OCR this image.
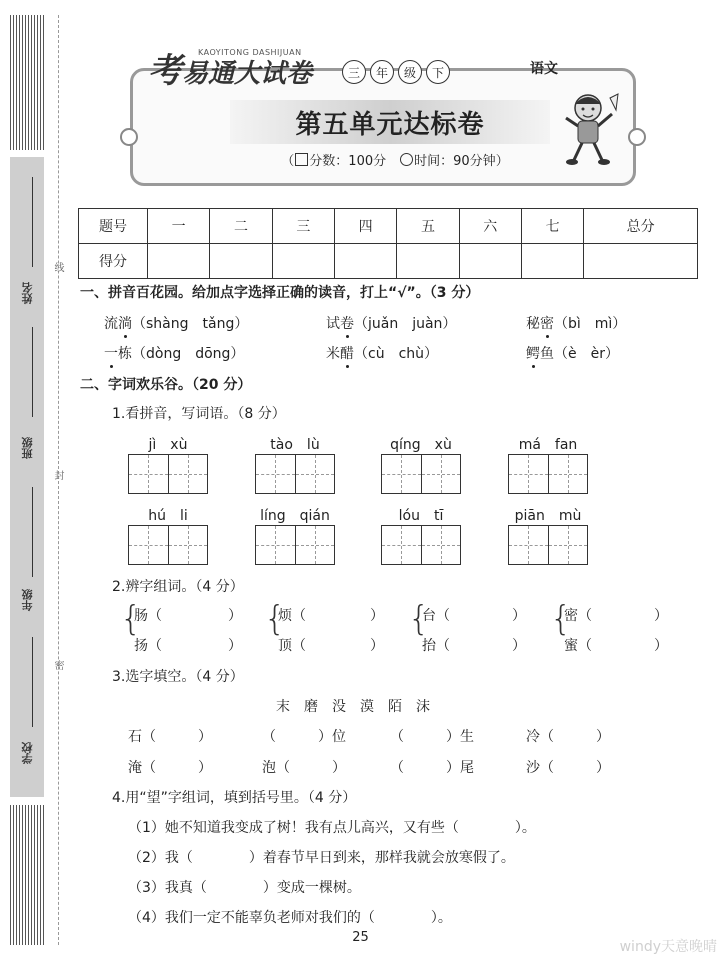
姓名
班级
年级
学校
线
封
密
考易通大试卷
KAOYITONG DASHIJUAN
三	年	级	下	语文
第五单元达标卷
（ 分数：100分　 时间：90分钟）
题号	一	二	三	四	五	六	七	总分
得分								
一、拼音百花园。给加点字选择正确的读音，打上“√”。（3 分）
流淌（shàng　tǎng）	试卷（juǎn　juàn）	秘密（bì　mì）
一栋（dòng　dōng）	米醋（cù　chù）	鳄鱼（è　èr）
二、字词欢乐谷。（20 分）
1.看拼音，写词语。（8 分）
jì　xù	tào　lù	qíng　xù	má　fan
hú　li	líng　qián	lóu　tī	piān　mù
2.辨字组词。（4 分）
{
肠（	）
扬（	）
{
烦（	）
顶（	）
{
台（	）
抬（	）
{
密（	）
蜜（	）
3.选字填空。（4 分）
末　磨　没　漠　陌　沫
石（　　　）	（　　　）位	（　　　）生	冷（　　　）
淹（　　　）	泡（　　　）	（　　　）尾	沙（　　　）
4.用“望”字组词，填到括号里。（4 分）
（1）她不知道我变成了树！我有点儿高兴，又有些（　　　　）。
（2）我（　　　　）着春节早日到来，那样我就会放寒假了。
（3）我真（　　　　）变成一棵树。
（4）我们一定不能辜负老师对我们的（　　　　）。
25
windy天意晚晴
